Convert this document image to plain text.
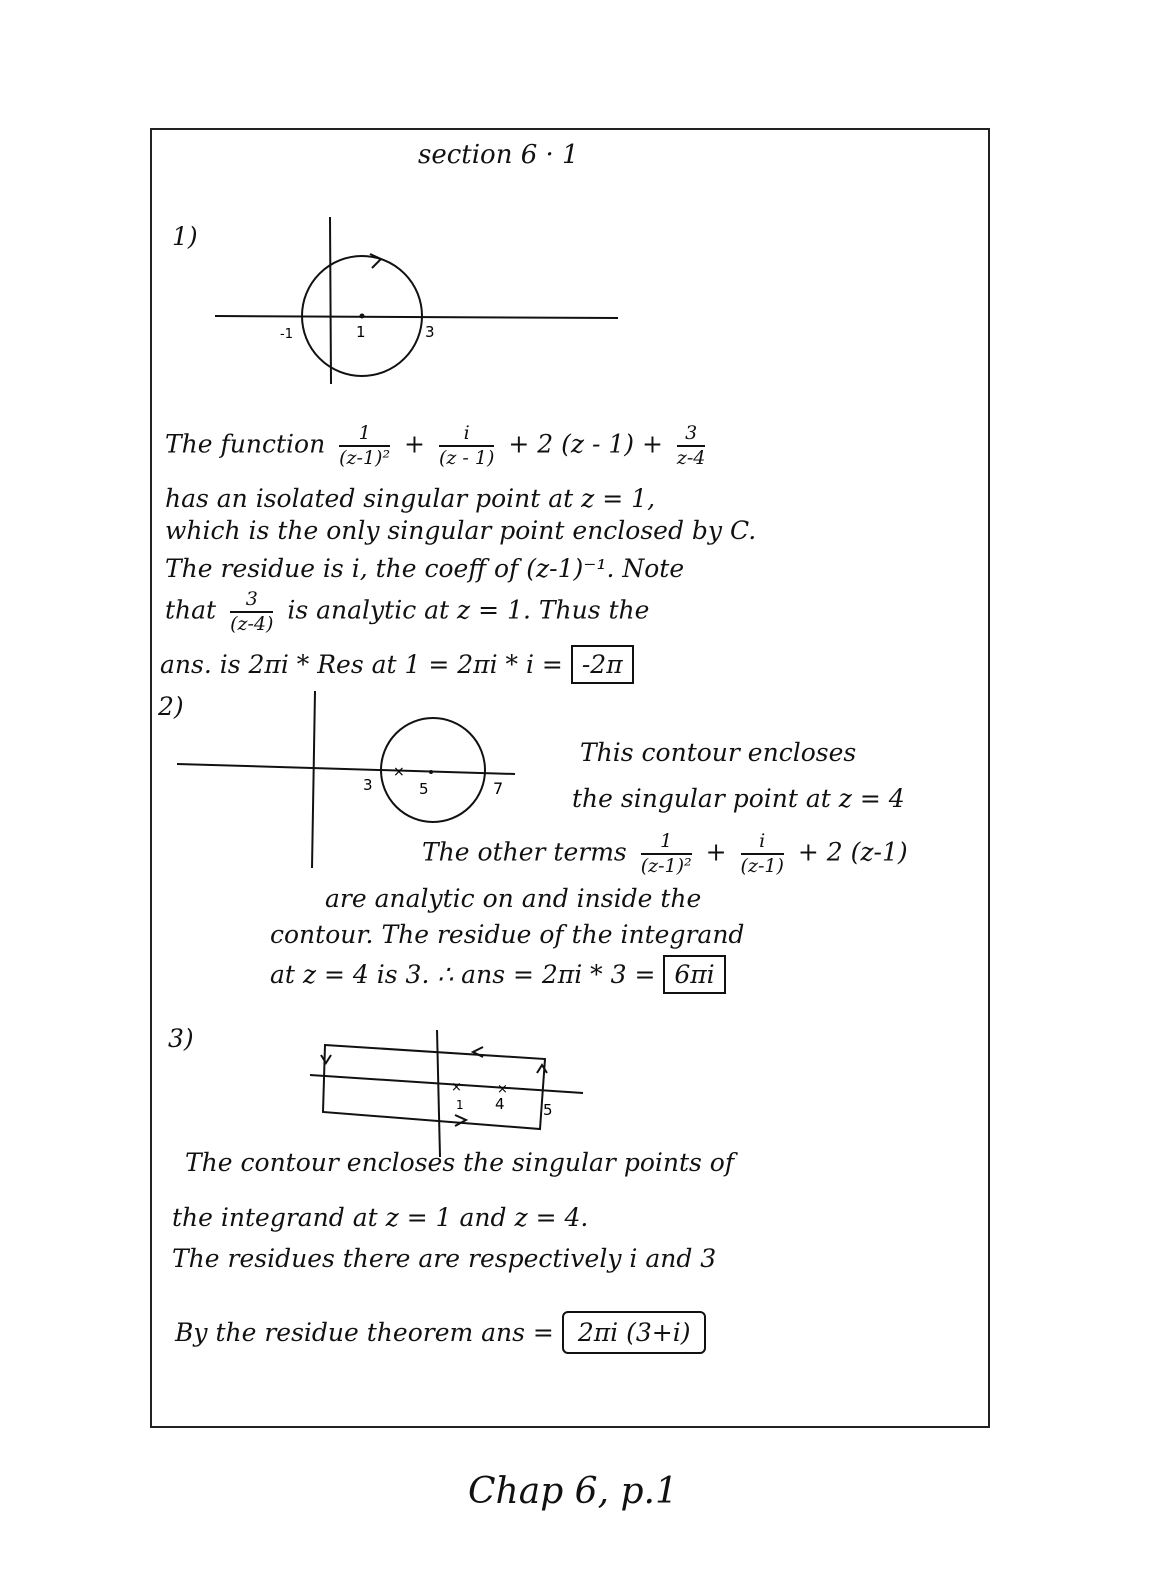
section 6 · 1
1)
-1	1	3
The function $\frac{1}{\text{(z-1)²}} + \frac{i}{(z - 1)} + 2$ $(z - 1) + \frac{3}{z-4}$
has an isolated singular point at z = 1,
which is the only singular point enclosed by C.
The residue is i, the coeff of (z-1)⁻¹. Note
that $\frac{3}{(z-4)}$ is analytic at z = 1. Thus the
ans. is 2πi * Res at 1 = 2πi * i = -2π
2)
×
3	5	7
This contour encloses
the singular point at z = 4
The other terms $\frac{1}{\text{(z-1)²}} + \frac{i}{(z-1)} + 2$ (z-1)
are analytic on and inside the
contour. The residue of the integrand
at z = 4 is 3. ∴ ans = 2πi * 3 = 6πi
3)
×	×
1 4	5
The contour encloses the singular points of
the integrand at z = 1 and z = 4.
The residues there are respectively i and 3
By the residue theorem ans = 2πi (3+i)
Chap 6, p.1
